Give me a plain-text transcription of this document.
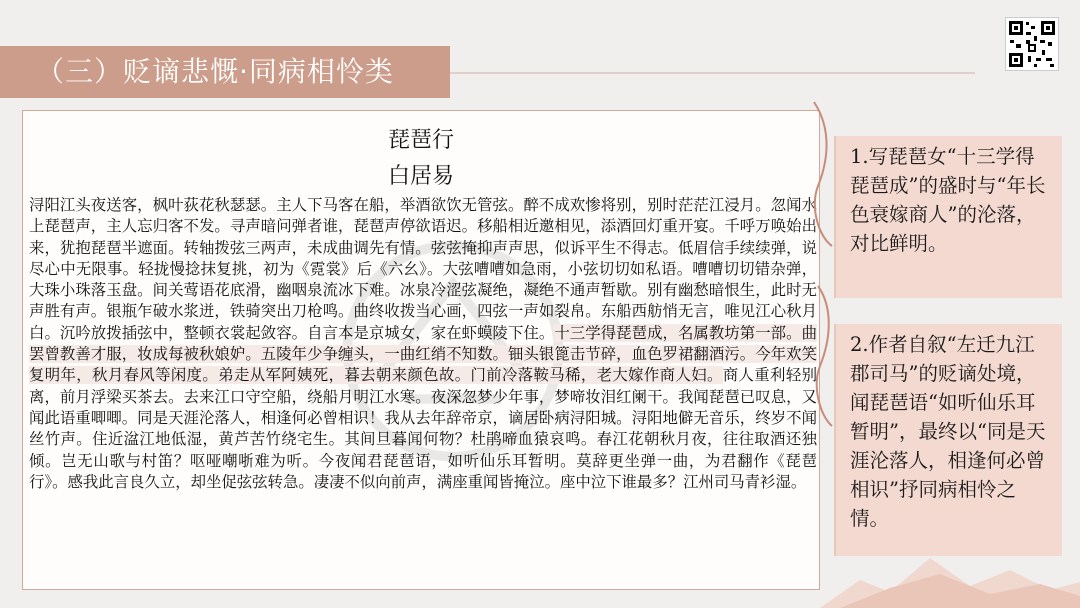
（三）贬谪悲慨·同病相怜类
琵琶行
白居易

浔阳江头夜送客，枫叶荻花秋瑟瑟。主人下马客在船，举酒欲饮无管弦。醉不成欢惨将别，别时茫茫江浸月。忽闻水上琵琶声，主人忘归客不发。寻声暗问弹者谁，琵琶声停欲语迟。移船相近邀相见，添酒回灯重开宴。千呼万唤始出来，犹抱琵琶半遮面。转轴拨弦三两声，未成曲调先有情。弦弦掩抑声声思，似诉平生不得志。低眉信手续续弹，说尽心中无限事。轻拢慢捻抹复挑，初为《霓裳》后《六幺》。大弦嘈嘈如急雨，小弦切切如私语。嘈嘈切切错杂弹，大珠小珠落玉盘。间关莺语花底滑，幽咽泉流冰下难。冰泉冷涩弦凝绝，凝绝不通声暂歇。别有幽愁暗恨生，此时无声胜有声。银瓶乍破水浆迸，铁骑突出刀枪鸣。曲终收拨当心画，四弦一声如裂帛。东船西舫悄无言，唯见江心秋月白。沉吟放拨插弦中，整顿衣裳起敛容。自言本是京城女，家在虾蟆陵下住。十三学得琵琶成，名属教坊第一部。曲罢曾教善才服，妆成每被秋娘妒。五陵年少争缠头，一曲红绡不知数。钿头银篦击节碎，血色罗裙翻酒污。今年欢笑复明年，秋月春风等闲度。弟走从军阿姨死，暮去朝来颜色故。门前冷落鞍马稀，老大嫁作商人妇。商人重利轻别离，前月浮梁买茶去。去来江口守空船，绕船月明江水寒。夜深忽梦少年事，梦啼妆泪红阑干。我闻琵琶已叹息，又闻此语重唧唧。同是天涯沦落人，相逢何必曾相识！我从去年辞帝京，谪居卧病浔阳城。浔阳地僻无音乐，终岁不闻丝竹声。住近湓江地低湿，黄芦苦竹绕宅生。其间旦暮闻何物？杜鹃啼血猿哀鸣。春江花朝秋月夜，往往取酒还独倾。岂无山歌与村笛？呕哑嘲哳难为听。今夜闻君琵琶语，如听仙乐耳暂明。莫辞更坐弹一曲，为君翻作《琵琶行》。感我此言良久立，却坐促弦弦转急。凄凄不似向前声，满座重闻皆掩泣。座中泣下谁最多？江州司马青衫湿。

1.写琵琶女“十三学得琵琶成”的盛时与“年长色衰嫁商人”的沦落，对比鲜明。
2.作者自叙“左迁九江郡司马”的贬谪处境，闻琵琶语“如听仙乐耳暂明”，最终以“同是天涯沦落人，相逢何必曾相识”抒同病相怜之情。
